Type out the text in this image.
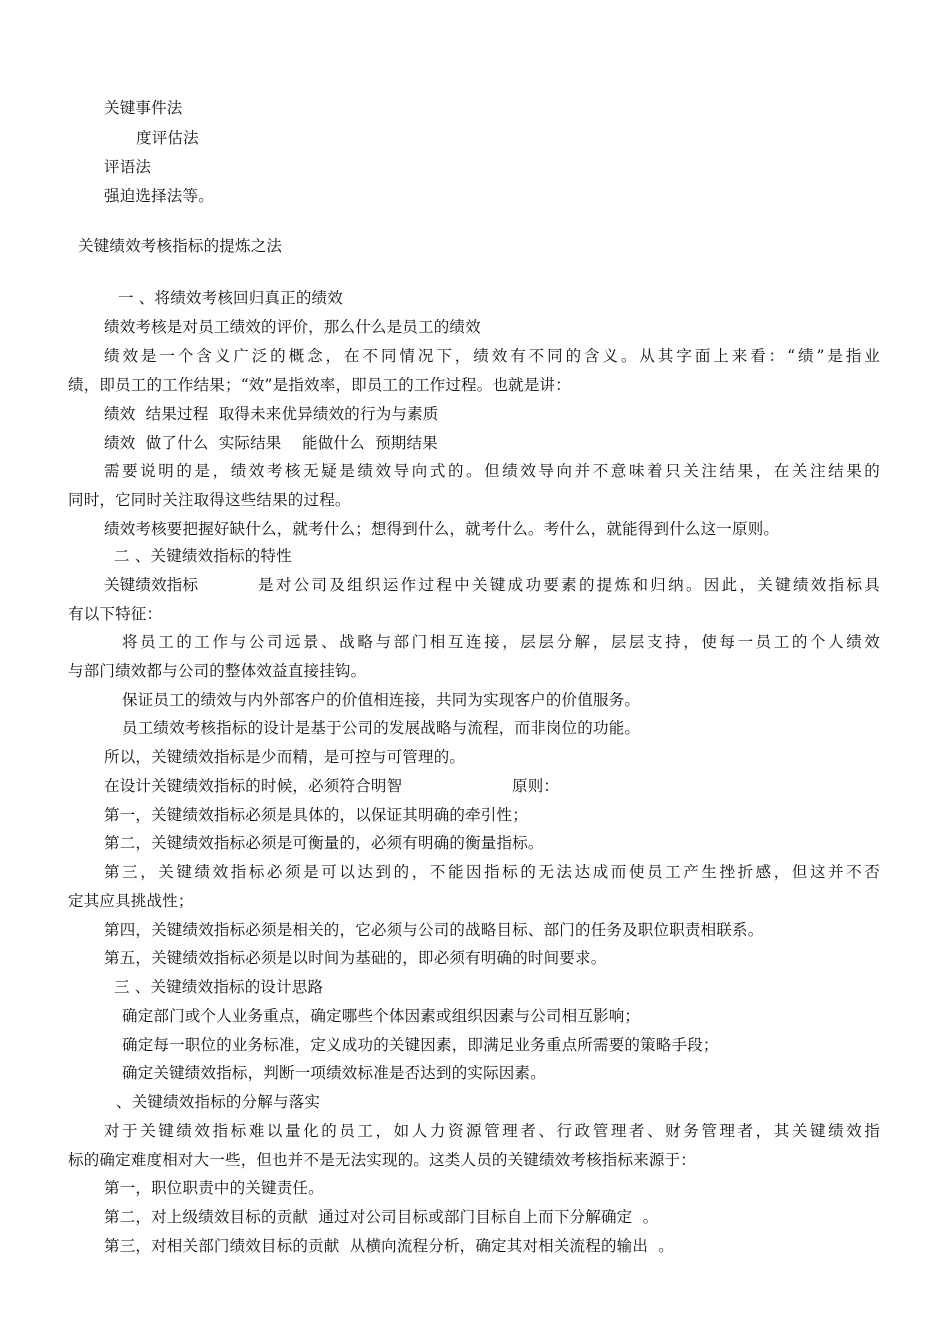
关键事件法
度评估法
评语法
强迫选择法等。
关键绩效考核指标的提炼之法
一 、将绩效考核回归真正的绩效
绩效考核是对员工绩效的评价，那么什么是员工的绩效
绩效是一个含义广泛的概念，在不同情况下，绩效有不同的含义。从其字面上来看：“绩”是指业
绩，即员工的工作结果；“效”是指效率，即员工的工作过程。也就是讲：
绩效  结果过程  取得未来优异绩效的行为与素质
绩效  做了什么  实际结果    能做什么  预期结果
需要说明的是，绩效考核无疑是绩效导向式的。但绩效导向并不意味着只关注结果，在关注结果的
同时，它同时关注取得这些结果的过程。
绩效考核要把握好缺什么，就考什么；想得到什么，就考什么。考什么，就能得到什么这一原则。
二 、关键绩效指标的特性
关键绩效指标	是对公司及组织运作过程中关键成功要素的提炼和归纳。因此，关键绩效指标具
有以下特征：
将员工的工作与公司远景、战略与部门相互连接，层层分解，层层支持，使每一员工的个人绩效
与部门绩效都与公司的整体效益直接挂钩。
保证员工的绩效与内外部客户的价值相连接，共同为实现客户的价值服务。
员工绩效考核指标的设计是基于公司的发展战略与流程，而非岗位的功能。
所以，关键绩效指标是少而精，是可控与可管理的。
在设计关键绩效指标的时候，必须符合明智	原则：
第一，关键绩效指标必须是具体的，以保证其明确的牵引性；
第二，关键绩效指标必须是可衡量的，必须有明确的衡量指标。
第三，关键绩效指标必须是可以达到的，不能因指标的无法达成而使员工产生挫折感，但这并不否
定其应具挑战性；
第四，关键绩效指标必须是相关的，它必须与公司的战略目标、部门的任务及职位职责相联系。
第五，关键绩效指标必须是以时间为基础的，即必须有明确的时间要求。
三 、关键绩效指标的设计思路
确定部门或个人业务重点，确定哪些个体因素或组织因素与公司相互影响；
确定每一职位的业务标准，定义成功的关键因素，即满足业务重点所需要的策略手段；
确定关键绩效指标，判断一项绩效标准是否达到的实际因素。
、关键绩效指标的分解与落实
对于关键绩效指标难以量化的员工，如人力资源管理者、行政管理者、财务管理者，其关键绩效指
标的确定难度相对大一些，但也并不是无法实现的。这类人员的关键绩效考核指标来源于：
第一，职位职责中的关键责任。
第二，对上级绩效目标的贡献  通过对公司目标或部门目标自上而下分解确定  。
第三，对相关部门绩效目标的贡献  从横向流程分析，确定其对相关流程的输出  。
